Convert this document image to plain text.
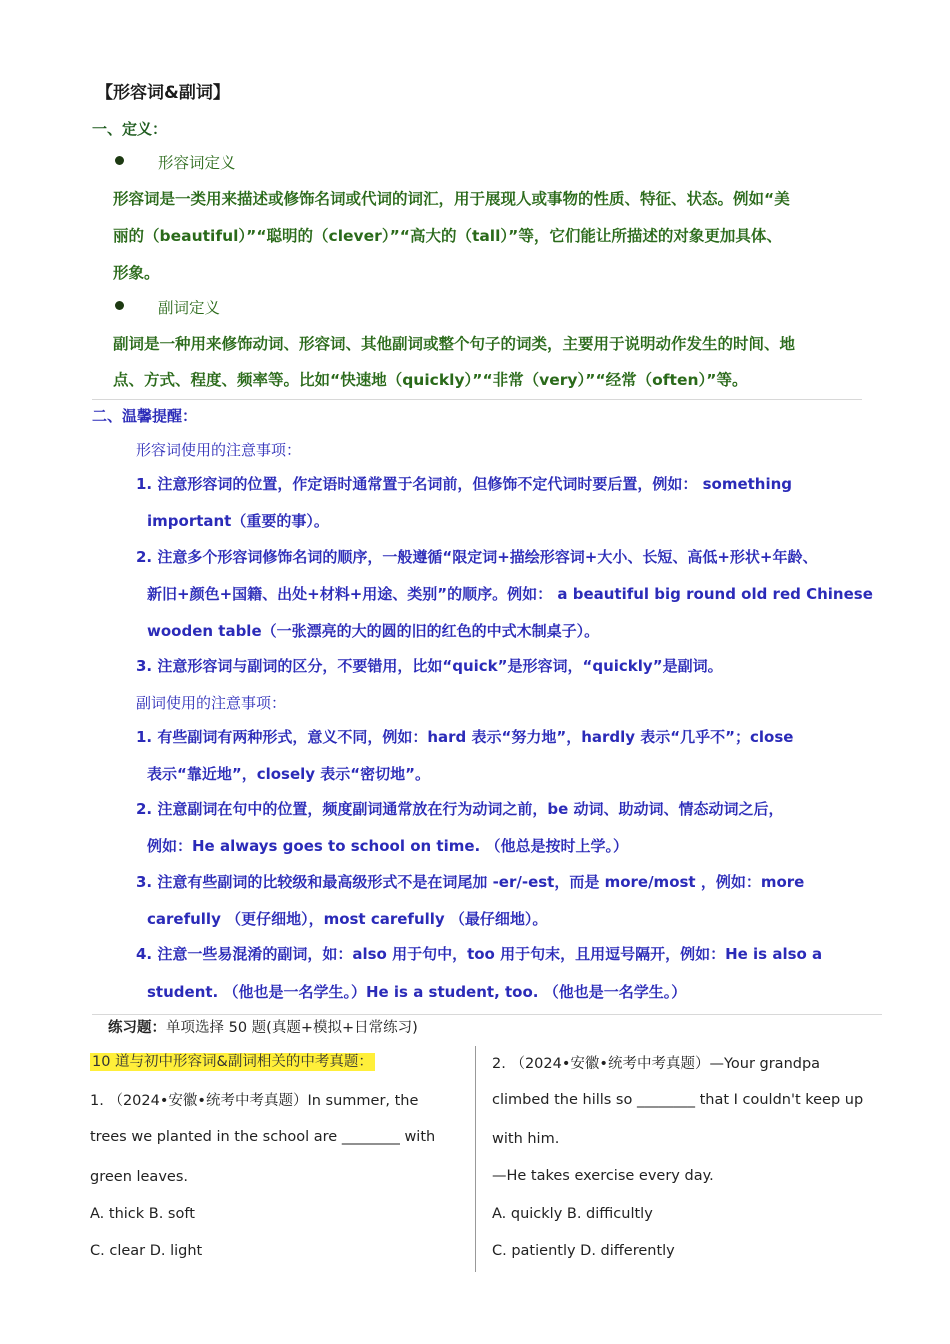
【形容词&副词】
一、定义：
形容词定义
形容词是一类用来描述或修饰名词或代词的词汇，用于展现人或事物的性质、特征、状态。例如“美
丽的（beautiful）”“聪明的（clever）”“高大的（tall）”等，它们能让所描述的对象更加具体、
形象。
副词定义
副词是一种用来修饰动词、形容词、其他副词或整个句子的词类，主要用于说明动作发生的时间、地
点、方式、程度、频率等。比如“快速地（quickly）”“非常（very）”“经常（often）”等。
二、温馨提醒：
形容词使用的注意事项：
1. 注意形容词的位置，作定语时通常置于名词前，但修饰不定代词时要后置，例如： something
important（重要的事）。
2. 注意多个形容词修饰名词的顺序，一般遵循“限定词+描绘形容词+大小、长短、高低+形状+年龄、
新旧+颜色+国籍、出处+材料+用途、类别”的顺序。例如： a beautiful big round old red Chinese
wooden table（一张漂亮的大的圆的旧的红色的中式木制桌子）。
3. 注意形容词与副词的区分，不要错用，比如“quick”是形容词，“quickly”是副词。
副词使用的注意事项：
1. 有些副词有两种形式，意义不同，例如：hard 表示“努力地”，hardly 表示“几乎不”；close
表示“靠近地”，closely 表示“密切地”。
2. 注意副词在句中的位置，频度副词通常放在行为动词之前，be 动词、助动词、情态动词之后，
例如：He always goes to school on time. （他总是按时上学。）
3. 注意有些副词的比较级和最高级形式不是在词尾加 -er/-est，而是 more/most ，例如：more
carefully （更仔细地），most carefully （最仔细地）。
4. 注意一些易混淆的副词，如：also 用于句中，too 用于句末，且用逗号隔开，例如：He is also a
student. （他也是一名学生。）He is a student, too. （他也是一名学生。）
练习题：单项选择 50 题(真题+模拟+日常练习)
10 道与初中形容词&副词相关的中考真题：
1. （2024•安徽•统考中考真题）In summer, the
trees we planted in the school are ________ with
green leaves.
A. thick B. soft
C. clear D. light
2. （2024•安徽•统考中考真题）—Your grandpa
climbed the hills so ________ that I couldn't keep up
with him.
—He takes exercise every day.
A. quickly B. difficultly
C. patiently D. differently
